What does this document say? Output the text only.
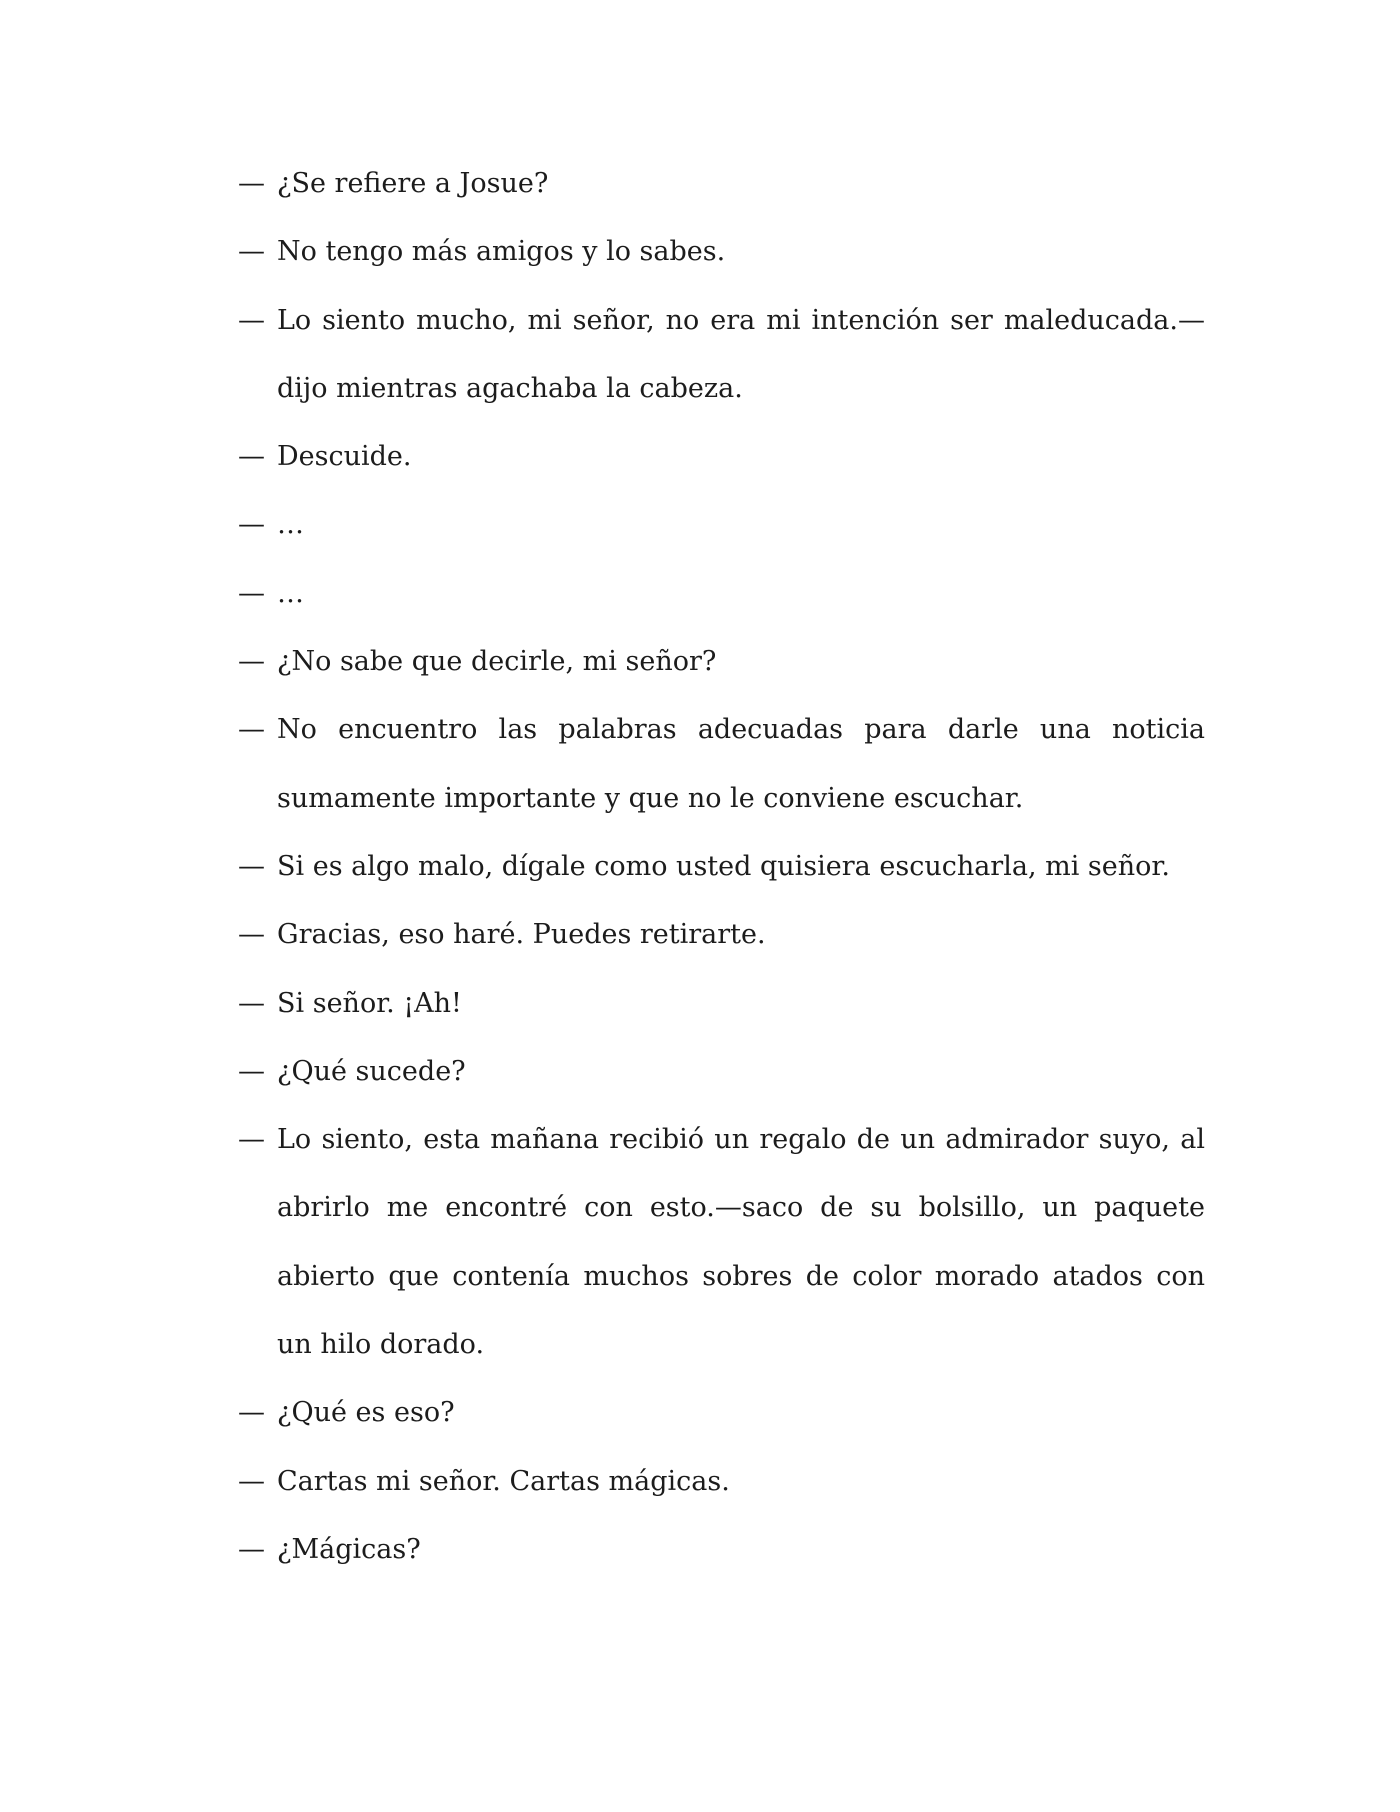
— ¿Se refiere a Josue?
— No tengo más amigos y lo sabes.
— Lo siento mucho, mi señor, no era mi intención ser maleducada.—dijo mientras agachaba la cabeza.
— Descuide.
— …
— …
— ¿No sabe que decirle, mi señor?
— No encuentro las palabras adecuadas para darle una noticia sumamente importante y que no le conviene escuchar.
— Si es algo malo, dígale como usted quisiera escucharla, mi señor.
— Gracias, eso haré. Puedes retirarte.
— Si señor. ¡Ah!
— ¿Qué sucede?
— Lo siento, esta mañana recibió un regalo de un admirador suyo, al abrirlo me encontré con esto.—saco de su bolsillo, un paquete abierto que contenía muchos sobres de color morado atados con un hilo dorado.
— ¿Qué es eso?
— Cartas mi señor. Cartas mágicas.
— ¿Mágicas?
